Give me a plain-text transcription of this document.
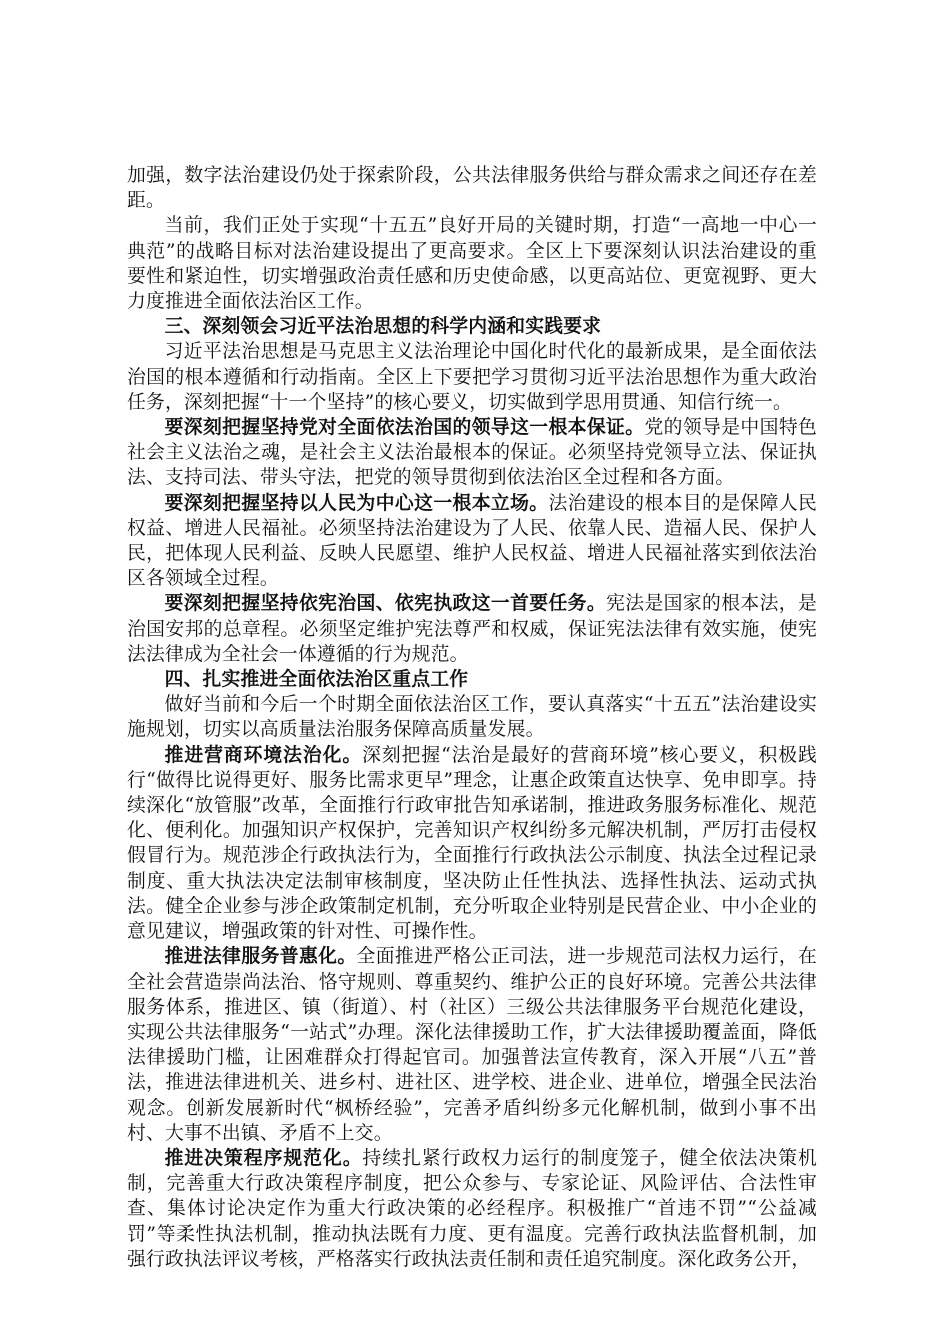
加强，数字法治建设仍处于探索阶段，公共法律服务供给与群众需求之间还存在差距。

当前，我们正处于实现“十五五”良好开局的关键时期，打造“一高地一中心一典范”的战略目标对法治建设提出了更高要求。全区上下要深刻认识法治建设的重要性和紧迫性，切实增强政治责任感和历史使命感，以更高站位、更宽视野、更大力度推进全面依法治区工作。

三、深刻领会习近平法治思想的科学内涵和实践要求

习近平法治思想是马克思主义法治理论中国化时代化的最新成果，是全面依法治国的根本遵循和行动指南。全区上下要把学习贯彻习近平法治思想作为重大政治任务，深刻把握“十一个坚持”的核心要义，切实做到学思用贯通、知信行统一。

要深刻把握坚持党对全面依法治国的领导这一根本保证。党的领导是中国特色社会主义法治之魂，是社会主义法治最根本的保证。必须坚持党领导立法、保证执法、支持司法、带头守法，把党的领导贯彻到依法治区全过程和各方面。

要深刻把握坚持以人民为中心这一根本立场。法治建设的根本目的是保障人民权益、增进人民福祉。必须坚持法治建设为了人民、依靠人民、造福人民、保护人民，把体现人民利益、反映人民愿望、维护人民权益、增进人民福祉落实到依法治区各领域全过程。

要深刻把握坚持依宪治国、依宪执政这一首要任务。宪法是国家的根本法，是治国安邦的总章程。必须坚定维护宪法尊严和权威，保证宪法法律有效实施，使宪法法律成为全社会一体遵循的行为规范。

四、扎实推进全面依法治区重点工作

做好当前和今后一个时期全面依法治区工作，要认真落实“十五五”法治建设实施规划，切实以高质量法治服务保障高质量发展。

推进营商环境法治化。深刻把握“法治是最好的营商环境”核心要义，积极践行“做得比说得更好、服务比需求更早”理念，让惠企政策直达快享、免申即享。持续深化“放管服”改革，全面推行行政审批告知承诺制，推进政务服务标准化、规范化、便利化。加强知识产权保护，完善知识产权纠纷多元解决机制，严厉打击侵权假冒行为。规范涉企行政执法行为，全面推行行政执法公示制度、执法全过程记录制度、重大执法决定法制审核制度，坚决防止任性执法、选择性执法、运动式执法。健全企业参与涉企政策制定机制，充分听取企业特别是民营企业、中小企业的意见建议，增强政策的针对性、可操作性。

推进法律服务普惠化。全面推进严格公正司法，进一步规范司法权力运行，在全社会营造崇尚法治、恪守规则、尊重契约、维护公正的良好环境。完善公共法律服务体系，推进区、镇（街道）、村（社区）三级公共法律服务平台规范化建设，实现公共法律服务“一站式”办理。深化法律援助工作，扩大法律援助覆盖面，降低法律援助门槛，让困难群众打得起官司。加强普法宣传教育，深入开展“八五”普法，推进法律进机关、进乡村、进社区、进学校、进企业、进单位，增强全民法治观念。创新发展新时代“枫桥经验”，完善矛盾纠纷多元化解机制，做到小事不出村、大事不出镇、矛盾不上交。

推进决策程序规范化。持续扎紧行政权力运行的制度笼子，健全依法决策机制，完善重大行政决策程序制度，把公众参与、专家论证、风险评估、合法性审查、集体讨论决定作为重大行政决策的必经程序。积极推广“首违不罚”“公益减罚”等柔性执法机制，推动执法既有力度、更有温度。完善行政执法监督机制，加强行政执法评议考核，严格落实行政执法责任制和责任追究制度。深化政务公开，
